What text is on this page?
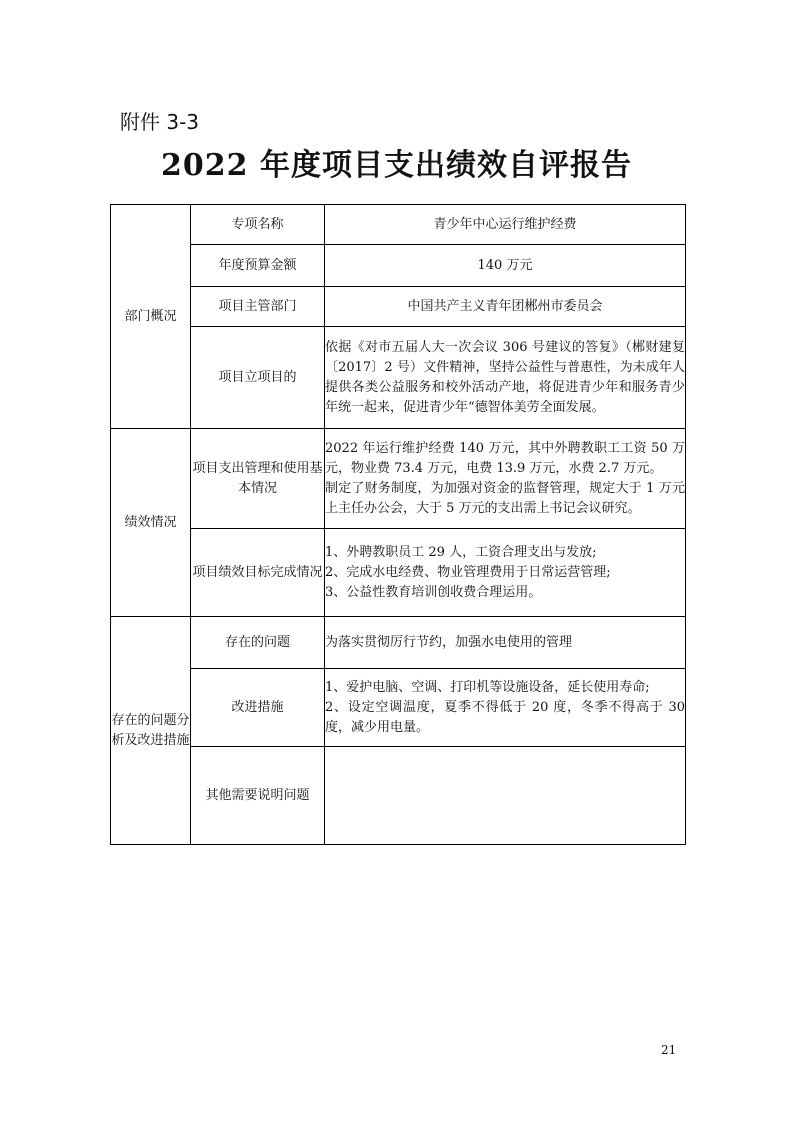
附件 3-3
2022 年度项目支出绩效自评报告
部门概况	专项名称	青少年中心运行维护经费
	年度预算金额	140 万元
	项目主管部门	中国共产主义青年团郴州市委员会
	项目立项目的	依据《对市五届人大一次会议 306 号建议的答复》（郴财建复〔2017〕2 号）文件精神，坚持公益性与普惠性，为未成年人提供各类公益服务和校外活动产地，将促进青少年和服务青少年统一起来，促进青少年“德智体美劳全面发展。
绩效情况	项目支出管理和使用基本情况	2022 年运行维护经费 140 万元，其中外聘教职工工资 50 万元，物业费 73.4 万元，电费 13.9 万元，水费 2.7 万元。
制定了财务制度，为加强对资金的监督管理，规定大于 1 万元上主任办公会，大于 5 万元的支出需上书记会议研究。

	项目绩效目标完成情况	1、外聘教职员工 29 人，工资合理支出与发放;
2、完成水电经费、物业管理费用于日常运营管理;
3、公益性教育培训创收费合理运用。

存在的问题分析及改进措施	存在的问题	为落实贯彻厉行节约，加强水电使用的管理
	改进措施	1、爱护电脑、空调、打印机等设施设备，延长使用寿命;
2、设定空调温度，夏季不得低于 20 度，冬季不得高于 30 度，减少用电量。

	其他需要说明问题	
21
